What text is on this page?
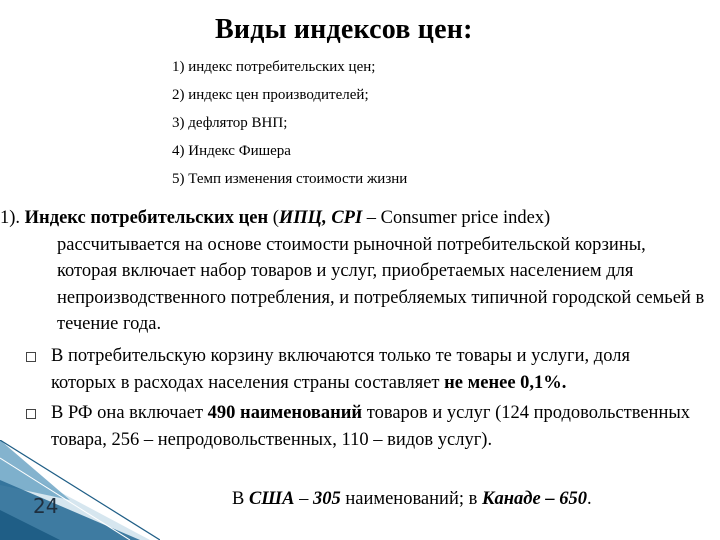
Виды индексов цен:
1) индекс потребительских цен;
2) индекс цен производителей;
3) дефлятор ВНП;
4) Индекс Фишера
5) Темп изменения стоимости жизни
1). Индекс потребительских цен (ИПЦ, CPI – Consumer price index)
рассчитывается на основе стоимости рыночной потребительской корзины, которая включает набор товаров и услуг, приобретаемых населением для непроизводственного потребления, и потребляемых типичной городской семьей в течение года.
В потребительскую корзину включаются только те товары и услуги, доля которых в расходах населения страны составляет не менее 0,1%.
В РФ она включает 490 наименований товаров и услуг (124 продовольственных товара, 256 – непродовольственных, 110 – видов услуг).
В США – 305 наименований; в Канаде – 650.
24
